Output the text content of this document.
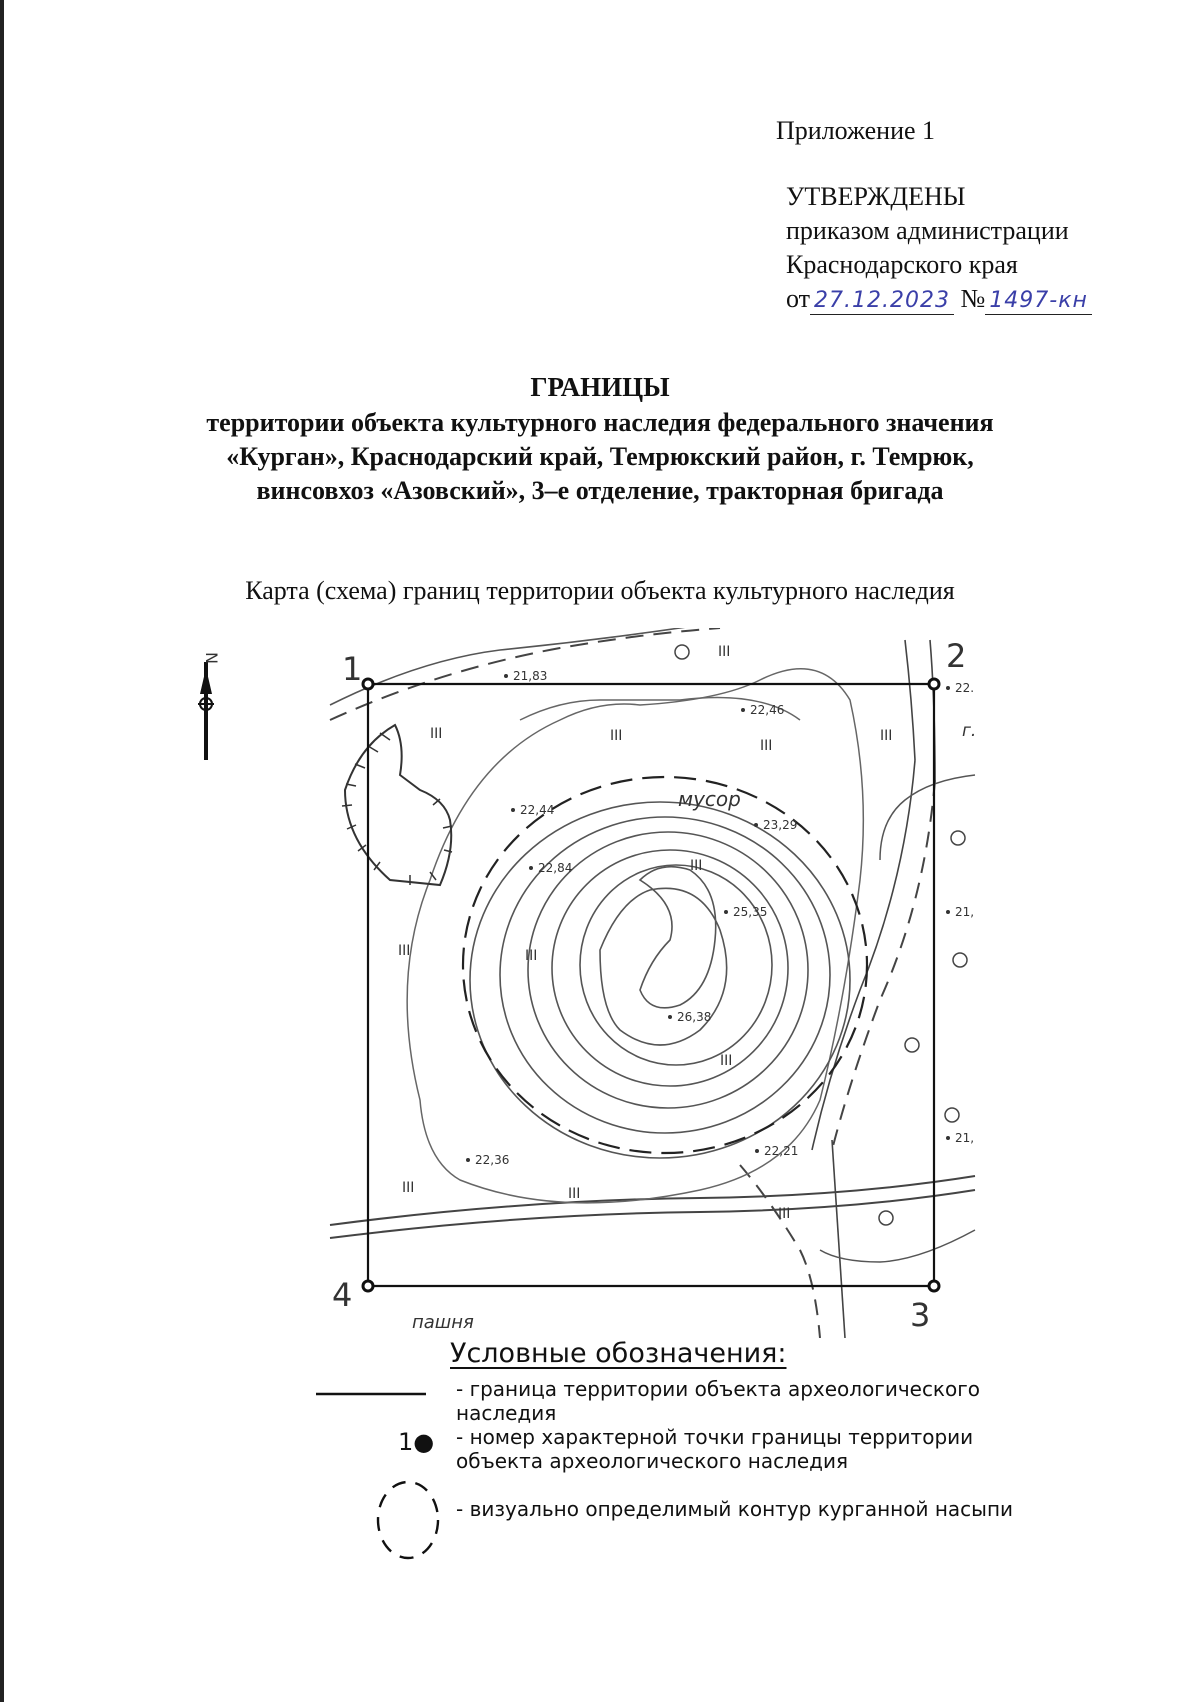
Приложение 1
УТВЕРЖДЕНЫ
приказом администрации
Краснодарского края
от 27.12.2023 № 1497-кн
ГРАНИЦЫ
территории объекта культурного наследия федерального значения
«Курган», Краснодарский край, Темрюкский район, г. Темрюк,
винсовхоз «Азовский», 3–е отделение, тракторная бригада
Карта (схема) границ территории объекта культурного наследия
N	III
III	III
III
III
III
III	III
III
III	III
III
21,83
22,46
22,44
23,29
22,84
25,35
26,38
22,36
22,21
22.
21,
21,
мусор
пашня
г.
1	2
3
4
Условные обозначения:
- граница территории объекта археологического наследия
1● - номер характерной точки границы территории объекта археологического наследия
- визуально определимый контур курганной насыпи
